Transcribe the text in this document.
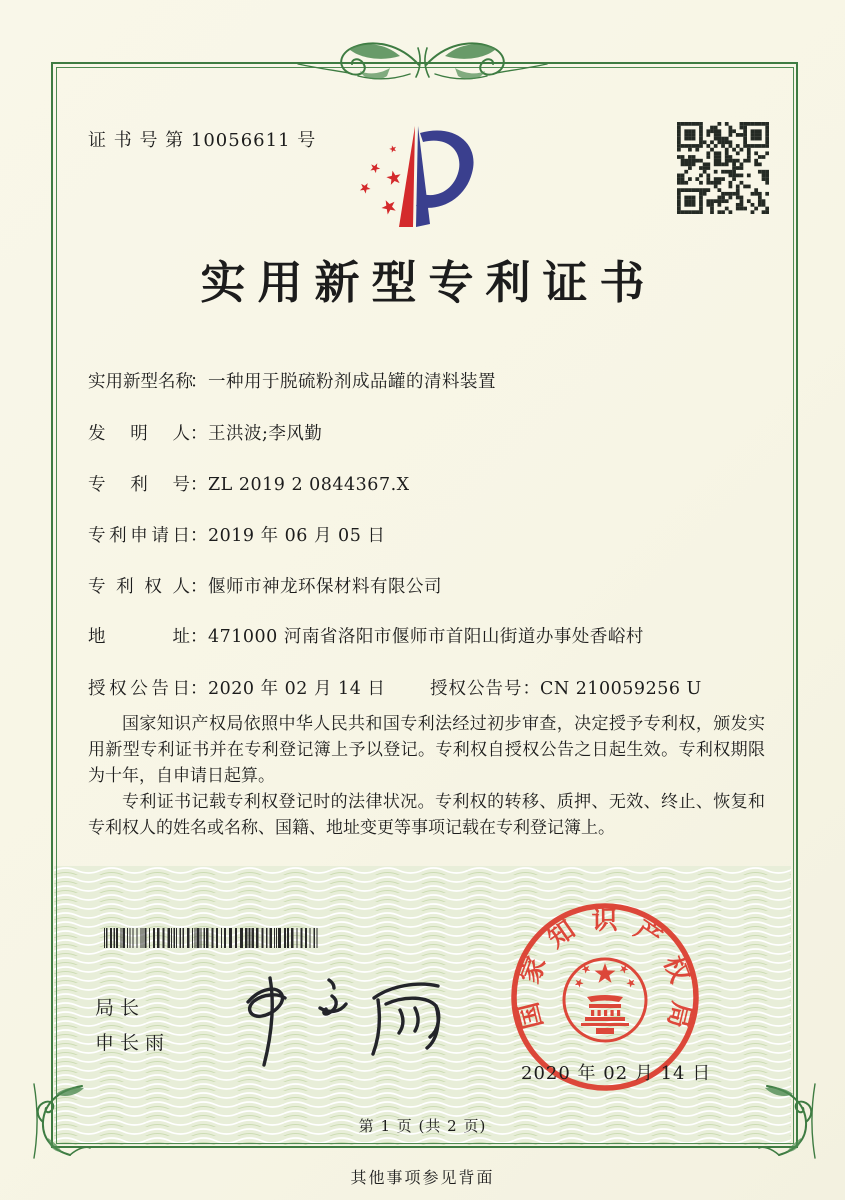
证 书 号 第 10056611 号
实用新型专利证书
实用新型名称：一种用于脱硫粉剂成品罐的清料装置
发明人：王洪波;李风勤
专利号：ZL 2019 2 0844367.X
专利申请日：2019 年 06 月 05 日
专利权人：偃师市神龙环保材料有限公司
地址：471000 河南省洛阳市偃师市首阳山街道办事处香峪村
授权公告日：2020 年 02 月 14 日	授权公告号：CN 210059256 U

国家知识产权局依照中华人民共和国专利法经过初步审查，决定授予专利权，颁发实用新型专利证书并在专利登记簿上予以登记。专利权自授权公告之日起生效。专利权期限为十年，自申请日起算。

专利证书记载专利权登记时的法律状况。专利权的转移、质押、无效、终止、恢复和专利权人的姓名或名称、国籍、地址变更等事项记载在专利登记簿上。

局长
申长雨
国家知识产权局
2020 年 02 月 14 日
第 1 页 (共 2 页)
其他事项参见背面
